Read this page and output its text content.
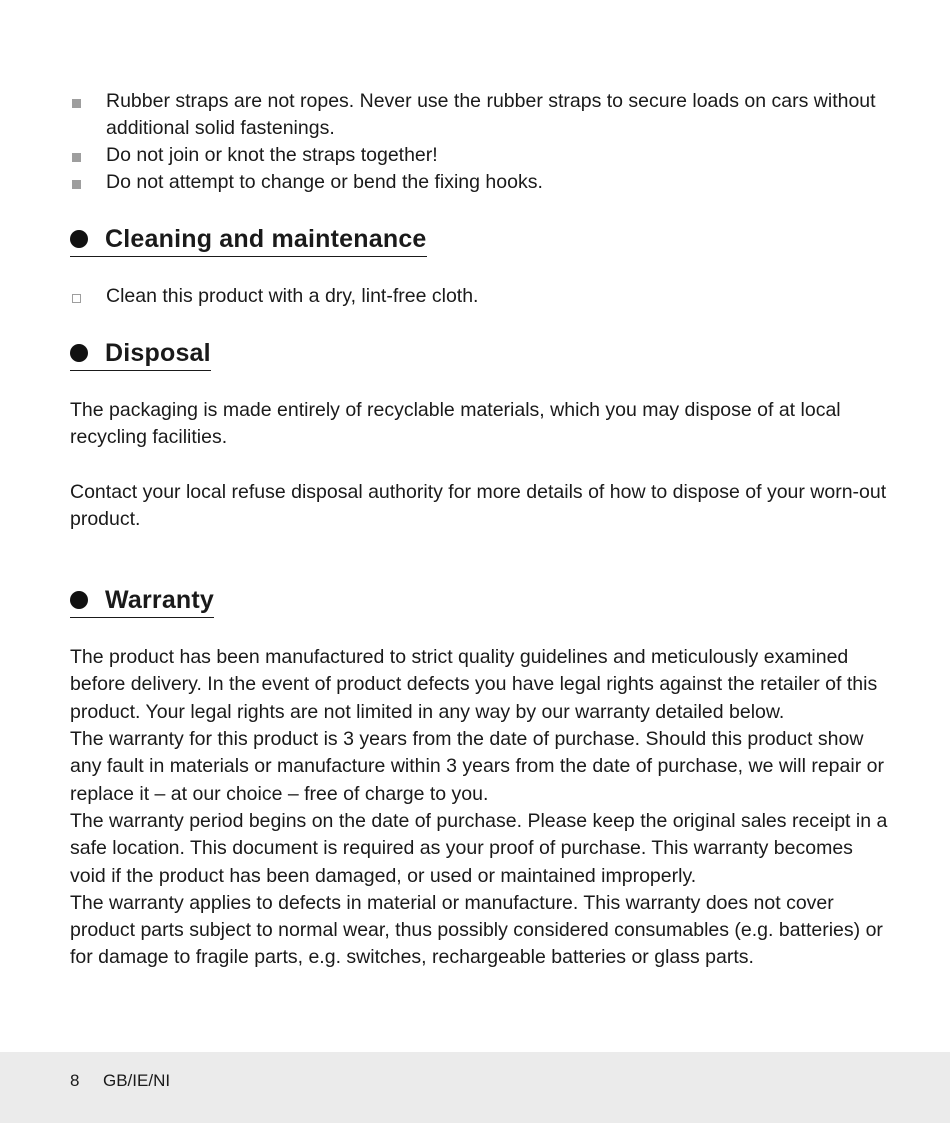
Rubber straps are not ropes. Never use the rubber straps to secure loads on cars without additional solid fastenings.
Do not join or knot the straps together!
Do not attempt to change or bend the fixing hooks.
Cleaning and maintenance
Clean this product with a dry, lint-free cloth.
Disposal

The packaging is made entirely of recyclable materials, which you may dispose of at local recycling facilities.

Contact your local refuse disposal authority for more details of how to dispose of your worn-out product.

Warranty

The product has been manufactured to strict quality guidelines and meticulously examined before delivery. In the event of product defects you have legal rights against the retailer of this product. Your legal rights are not limited in any way by our warranty detailed below.

The warranty for this product is 3 years from the date of purchase. Should this product show any fault in materials or manufacture within 3 years from the date of purchase, we will repair or replace it – at our choice – free of charge to you.

The warranty period begins on the date of purchase. Please keep the original sales receipt in a safe location. This document is required as your proof of purchase. This warranty becomes void if the product has been damaged, or used or maintained improperly.

The warranty applies to defects in material or manufacture. This warranty does not cover product parts subject to normal wear, thus possibly considered consumables (e.g. batteries) or for damage to fragile parts, e.g. switches, rechargeable batteries or glass parts.

8 GB/IE/NI
